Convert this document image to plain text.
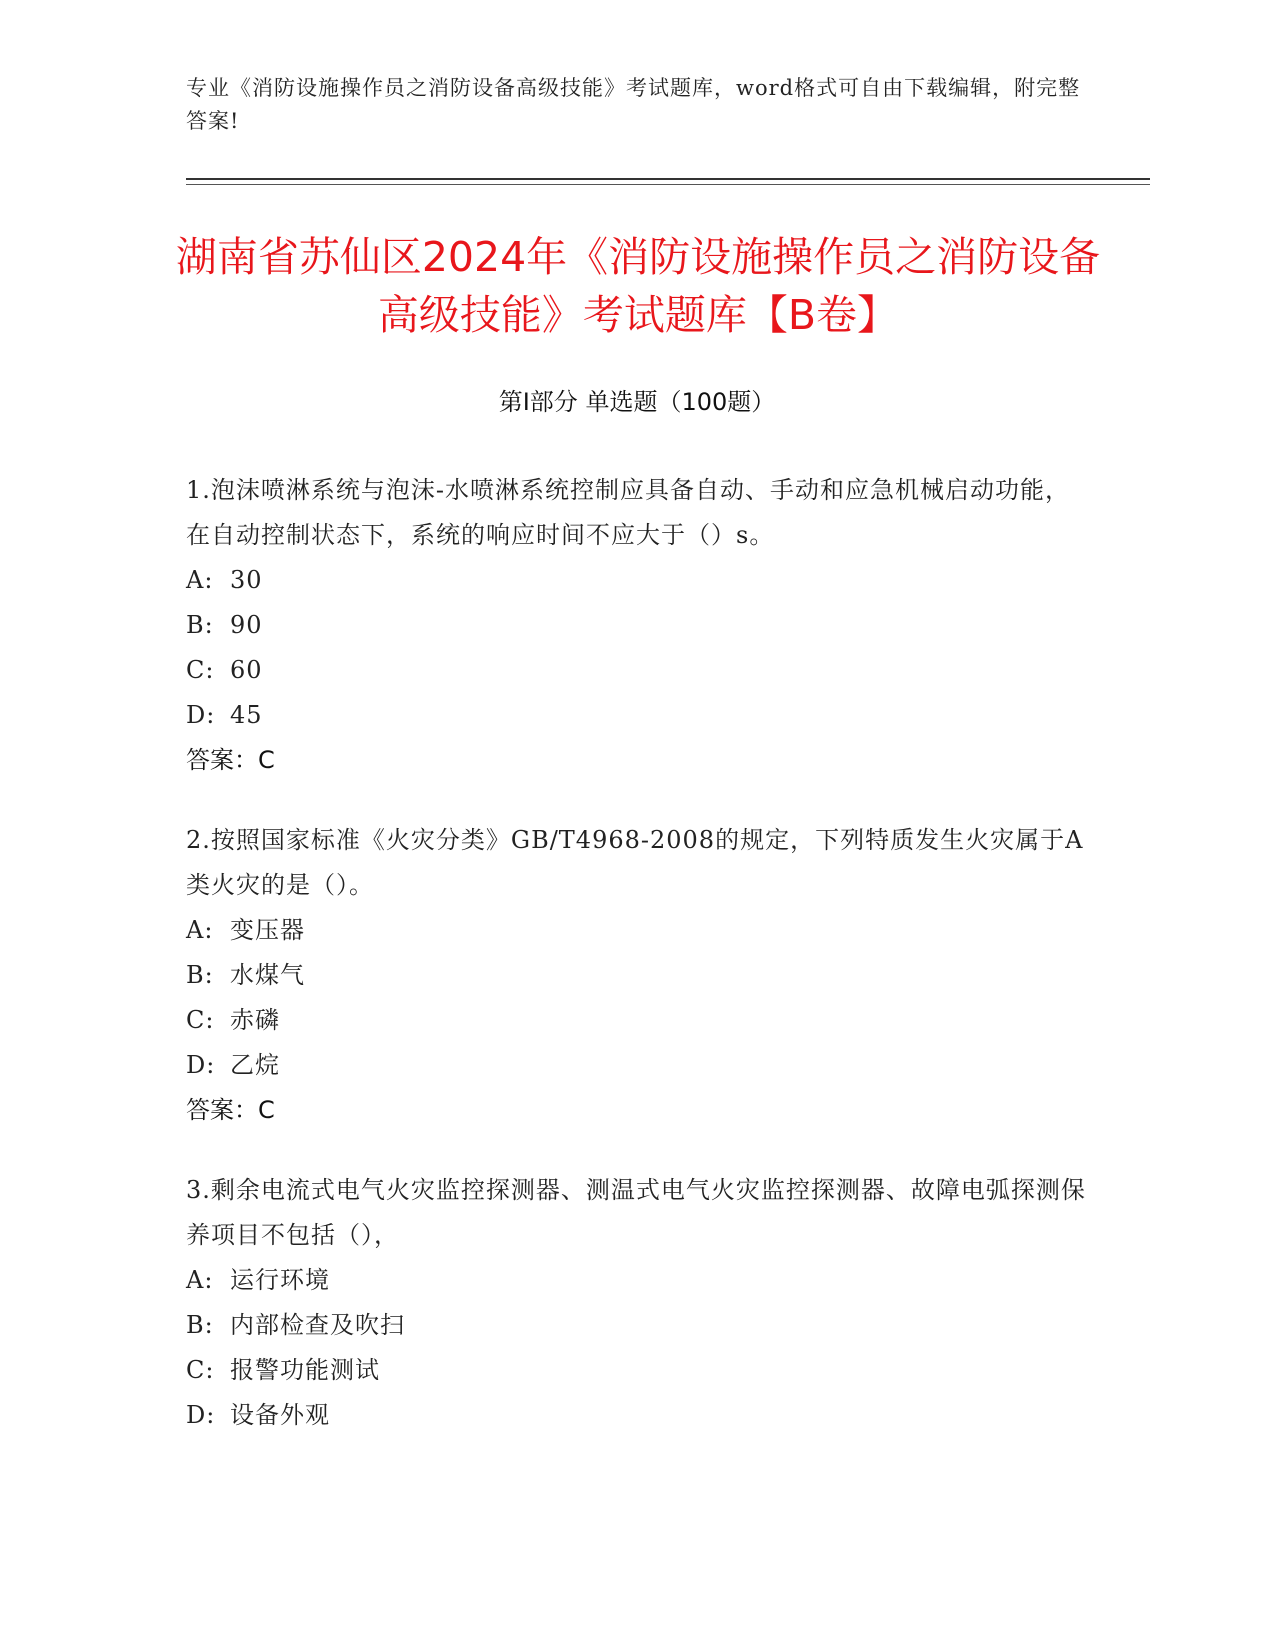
专业《消防设施操作员之消防设备高级技能》考试题库，word格式可自由下载编辑，附完整答案!
湖南省苏仙区2024年《消防设施操作员之消防设备高级技能》考试题库【B卷】
第I部分 单选题（100题）
1.泡沫喷淋系统与泡沫-水喷淋系统控制应具备自动、手动和应急机械启动功能，在自动控制状态下，系统的响应时间不应大于（）s。
A: 30
B: 90
C: 60
D: 45
答案：C
2.按照国家标准《火灾分类》GB/T4968-2008的规定，下列特质发生火灾属于A类火灾的是（）。
A: 变压器
B: 水煤气
C: 赤磷
D: 乙烷
答案：C
3.剩余电流式电气火灾监控探测器、测温式电气火灾监控探测器、故障电弧探测保养项目不包括（），
A: 运行环境
B: 内部检查及吹扫
C: 报警功能测试
D: 设备外观
